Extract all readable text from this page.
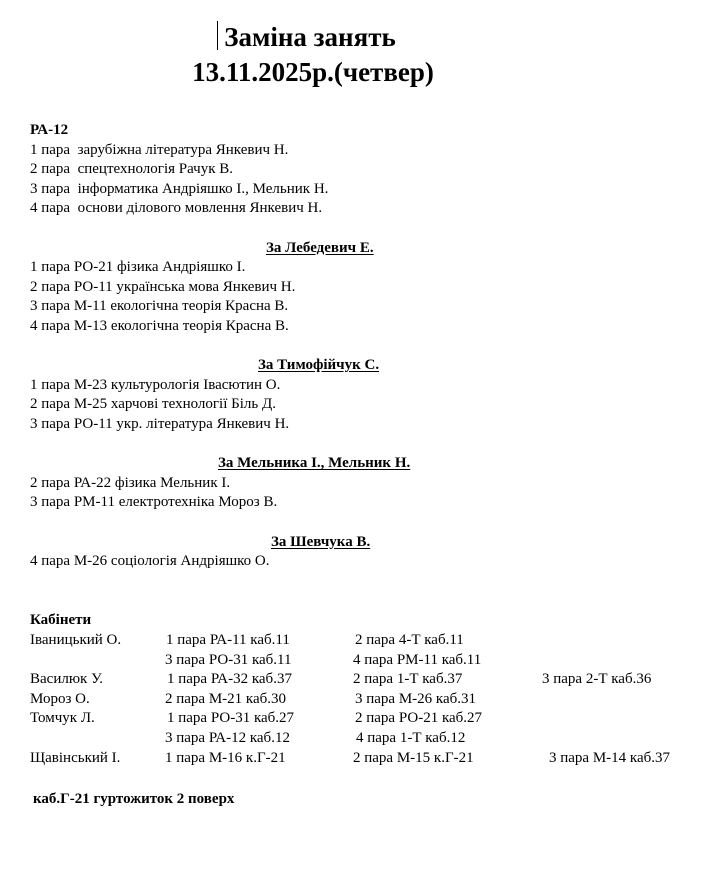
Заміна занять
13.11.2025р.(четвер)
РА-12
1 пара  зарубіжна література Янкевич Н.
2 пара  спецтехнологія Рачук В.
3 пара  інформатика Андріяшко І., Мельник Н.
4 пара  основи ділового мовлення Янкевич Н.
За Лебедевич Е.
1 пара РО-21 фізика Андріяшко І.
2 пара РО-11 українська мова Янкевич Н.
3 пара М-11 екологічна теорія Красна В.
4 пара М-13 екологічна теорія Красна В.
За Тимофійчук С.
1 пара М-23 культурологія Івасютин О.
2 пара М-25 харчові технології Біль Д.
3 пара РО-11 укр. література Янкевич Н.
За Мельника І., Мельник Н.
2 пара РА-22 фізика Мельник І.
3 пара РМ-11 електротехніка Мороз В.
За Шевчука В.
4 пара М-26 соціологія Андріяшко О.
Кабінети
Іваницький О.	1 пара РА-11 каб.11	2 пара 4-Т каб.11
3 пара РО-31 каб.11	4 пара РМ-11 каб.11
Василюк У.	1 пара РА-32 каб.37	2 пара 1-Т каб.37	3 пара 2-Т каб.36
Мороз О.	2 пара М-21 каб.30	3 пара М-26 каб.31
Томчук Л.	1 пара РО-31 каб.27	2 пара РО-21 каб.27
3 пара РА-12 каб.12	4 пара 1-Т каб.12
Щавінський І.	1 пара М-16 к.Г-21	2 пара М-15 к.Г-21	3 пара М-14 каб.37
каб.Г-21 гуртожиток 2 поверх
